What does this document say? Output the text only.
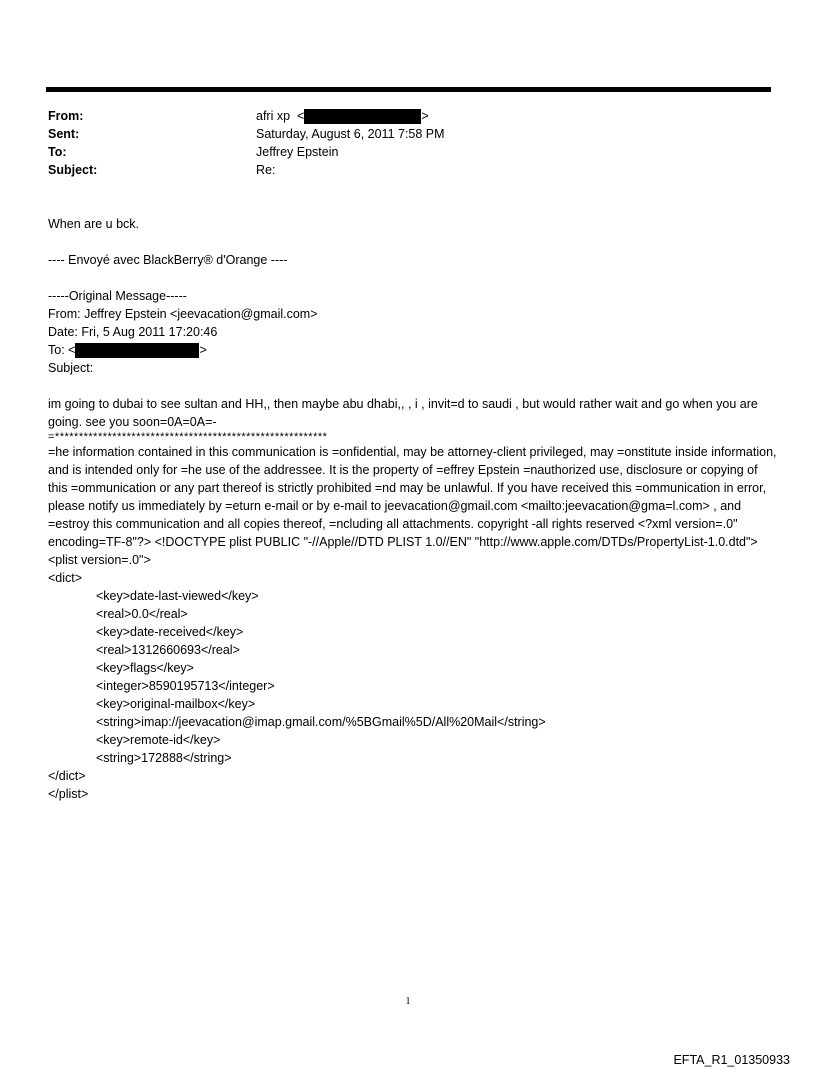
From:	afri xp <	>
Sent:	Saturday, August 6, 2011 7:58 PM
To:	Jeffrey Epstein
Subject:	Re:

When are u bck.

---- Envoyé avec BlackBerry® d'Orange ----

-----Original Message-----

From: Jeffrey Epstein <jeevacation@gmail.com>

Date: Fri, 5 Aug 2011 17:20:46

To: <	>

Subject:

im going to dubai to see sultan and HH,, then maybe abu dhabi,, , i , invit=d to saudi , but would rather wait and go when you are going. see you soon=0A=0A=-

=*********************************************************

=he information contained in this communication is =onfidential, may be attorney-client privileged, may =onstitute inside information, and is intended only for =he use of the addressee. It is the property of =effrey Epstein =nauthorized use, disclosure or copying of this =ommunication or any part thereof is strictly prohibited =nd may be unlawful. If you have received this =ommunication in error, please notify us immediately by =eturn e-mail or by e-mail to jeevacation@gmail.com <mailto:jeevacation@gma=l.com> , and =estroy this communication and all copies thereof, =ncluding all attachments. copyright -all rights reserved <?xml version=.0" encoding=TF-8"?> <!DOCTYPE plist PUBLIC "-//Apple//DTD PLIST 1.0//EN" "http://www.apple.com/DTDs/PropertyList-1.0.dtd">

<plist version=.0">

<dict>

<key>date-last-viewed</key>

<real>0.0</real>

<key>date-received</key>

<real>1312660693</real>

<key>flags</key>

<integer>8590195713</integer>

<key>original-mailbox</key>

<string>imap://jeevacation@imap.gmail.com/%5BGmail%5D/All%20Mail</string>

<key>remote-id</key>

<string>172888</string>

</dict>

</plist>

1
EFTA_R1_01350933
